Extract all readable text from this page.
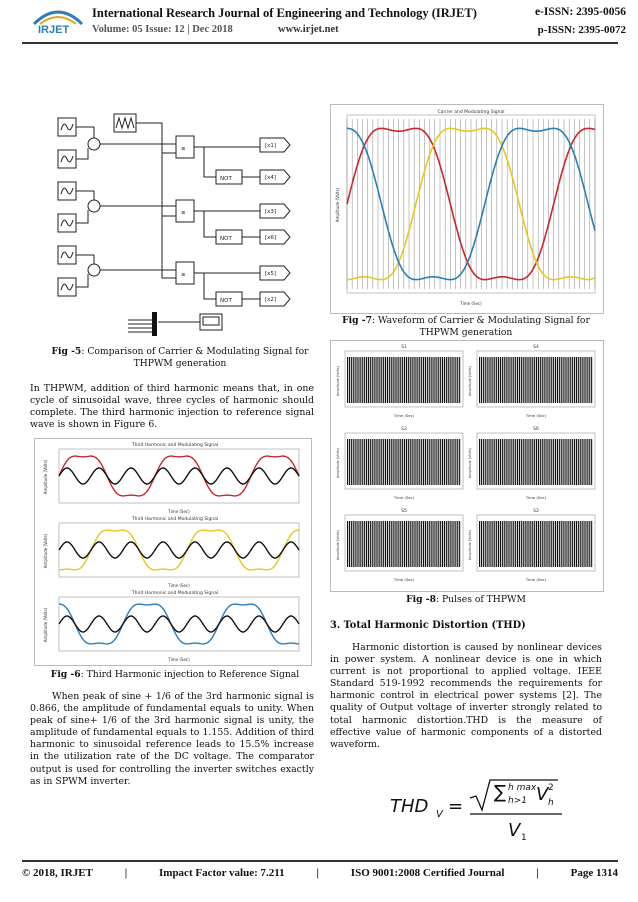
IRJET
International Research Journal of Engineering and Technology (IRJET)	e-ISSN: 2395-0056
Volume: 05 Issue: 12 | Dec 2018	www.irjet.net	p-ISSN: 2395-0072
≥
≥
≥
NOT
NOT
NOT
[x1]
[x4]
[x3]
[x6]
[x5]
[x2]
Fig -5: Comparison of Carrier & Modulating Signal for THPWM generation
In THPWM, addition of third harmonic means that, in one cycle of sinusoidal wave, three cycles of harmonic should complete. The third harmonic injection to reference signal wave is shown in Figure 6.
Third Harmonic and Modulating Signal
Amplitude (Volts)
Time (Sec)
Third Harmonic and Modulating Signal
Amplitude (Volts)
Time (Sec)
Third Harmonic and Modulating Signal
Amplitude (Volts)
Time (Sec)
Fig -6: Third Harmonic injection to Reference Signal
When peak of sine + 1/6 of the 3rd harmonic signal is 0.866, the amplitude of fundamental equals to unity. When peak of sine+ 1/6 of the 3rd harmonic signal is unity, the amplitude of fundamental equals to 1.155. Addition of third harmonic to sinusoidal reference leads to 15.5% increase in the utilization rate of the DC voltage. The comparator output is used for controlling the inverter switches exactly as in SPWM inverter.
Carrier and Modulating Signal
Amplitude (Volts)
Time (Sec)
Fig -7: Waveform of Carrier & Modulating Signal for THPWM generation
S1
Amplitude (Volts)
Time (Sec)
S4
Amplitude (Volts)
Time (Sec)
S3
Amplitude (Volts)
Time (Sec)
S6
Amplitude (Volts)
Time (Sec)
S5
Amplitude (Volts)
Time (Sec)
S2
Amplitude (Volts)
Time (Sec)
Fig -8: Pulses of THPWM
3. Total Harmonic Distortion (THD)
Harmonic distortion is caused by nonlinear devices in power system. A nonlinear device is one in which current is not proportional to applied voltage. IEEE Standard 519-1992 recommends the requirements for harmonic control in electrical power systems [2]. The quality of Output voltage of inverter strongly related to total harmonic distortion.THD is the measure of effective value of harmonic components of a distorted waveform.
THD V =
∑ h max
h>1 V 2
h
V 1
© 2018, IRJET	|	Impact Factor value: 7.211	|	ISO 9001:2008 Certified Journal	|	Page 1314
